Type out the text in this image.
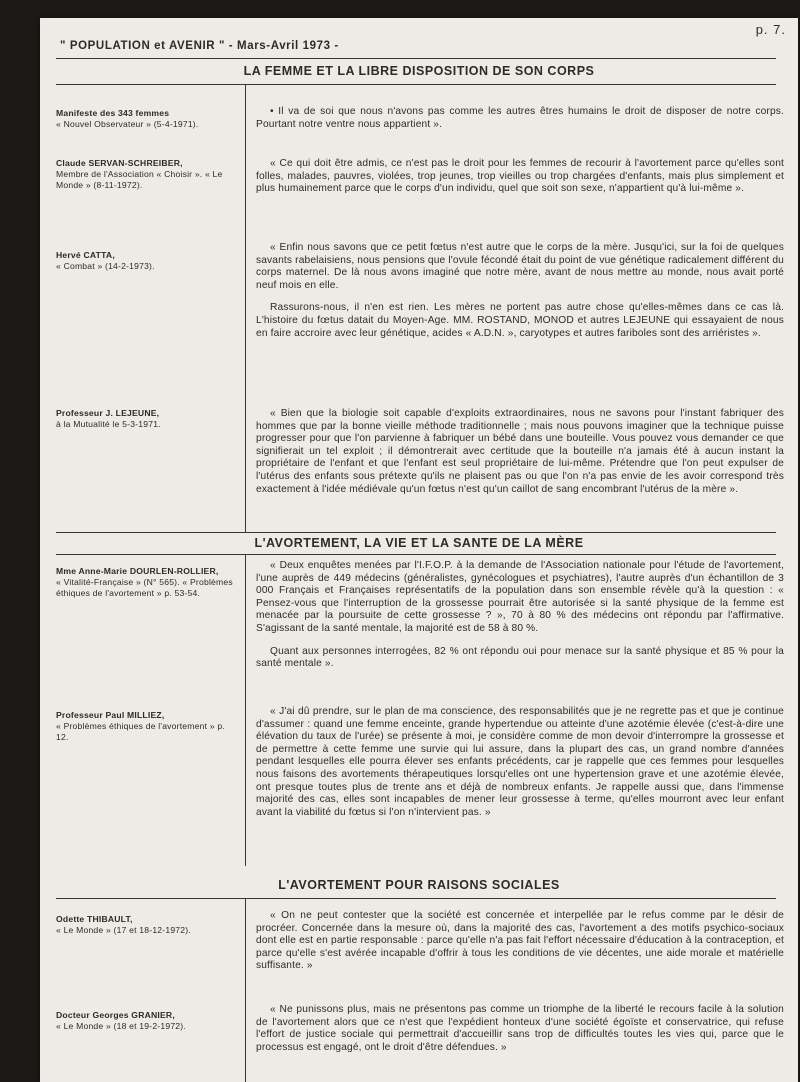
" POPULATION et AVENIR " - Mars-Avril 1973 -
p. 7.
LA FEMME ET LA LIBRE DISPOSITION DE SON CORPS
Manifeste des 343 femmes
« Nouvel Observateur » (5-4-1971).

• Il va de soi que nous n'avons pas comme les autres êtres humains le droit de disposer de notre corps. Pourtant notre ventre nous appartient ».

Claude SERVAN-SCHREIBER,
Membre de l'Association « Choisir ». « Le Monde » (8-11-1972).

« Ce qui doit être admis, ce n'est pas le droit pour les femmes de recourir à l'avortement parce qu'elles sont folles, malades, pauvres, violées, trop jeunes, trop vieilles ou trop chargées d'enfants, mais plus simplement et plus humainement parce que le corps d'un individu, quel que soit son sexe, n'appartient qu'à lui-même ».

Hervé CATTA,
« Combat » (14-2-1973).

« Enfin nous savons que ce petit fœtus n'est autre que le corps de la mère. Jusqu'ici, sur la foi de quelques savants rabelaisiens, nous pensions que l'ovule fécondé était du point de vue génétique radicalement différent du corps maternel. De là nous avons imaginé que notre mère, avant de nous mettre au monde, nous avait porté neuf mois en elle.

Rassurons-nous, il n'en est rien. Les mères ne portent pas autre chose qu'elles-mêmes dans ce cas là. L'histoire du fœtus datait du Moyen-Age. MM. ROSTAND, MONOD et autres LEJEUNE qui essayaient de nous en faire accroire avec leur génétique, acides « A.D.N. », caryotypes et autres fariboles sont des arriéristes ».

Professeur J. LEJEUNE,
à la Mutualité le 5-3-1971.

« Bien que la biologie soit capable d'exploits extraordinaires, nous ne savons pour l'instant fabriquer des hommes que par la bonne vieille méthode traditionnelle ; mais nous pouvons imaginer que la technique puisse progresser pour que l'on parvienne à fabriquer un bébé dans une bouteille. Vous pouvez vous demander ce que signifierait un tel exploit ; il démontrerait avec certitude que la bouteille n'a jamais été à aucun instant la propriétaire de l'enfant et que l'enfant est seul propriétaire de lui-même. Prétendre que l'on peut expulser de l'utérus des enfants sous prétexte qu'ils ne plaisent pas ou que l'on n'a pas envie de les avoir correspond très exactement à l'idée médiévale qu'un fœtus n'est qu'un caillot de sang encombrant l'utérus de la mère ».

L'AVORTEMENT, LA VIE ET LA SANTE DE LA MÈRE
Mme Anne-Marie DOURLEN-ROLLIER,
« Vitalité-Française » (N° 565). « Problèmes éthiques de l'avortement » p. 53-54.

« Deux enquêtes menées par l'I.F.O.P. à la demande de l'Association nationale pour l'étude de l'avortement, l'une auprès de 449 médecins (généralistes, gynécologues et psychiatres), l'autre auprès d'un échantillon de 3 000 Français et Françaises représentatifs de la population dans son ensemble révèle qu'à la question : « Pensez-vous que l'interruption de la grossesse pourrait être autorisée si la santé physique de la femme est menacée par la poursuite de cette grossesse ? », 70 à 80 % des médecins ont répondu par l'affirmative. S'agissant de la santé mentale, la majorité est de 58 à 80 %.

Quant aux personnes interrogées, 82 % ont répondu oui pour menace sur la santé physique et 85 % pour la santé mentale ».

Professeur Paul MILLIEZ,
« Problèmes éthiques de l'avortement » p. 12.

« J'ai dû prendre, sur le plan de ma conscience, des responsabilités que je ne regrette pas et que je continue d'assumer : quand une femme enceinte, grande hypertendue ou atteinte d'une azotémie élevée (c'est-à-dire une élévation du taux de l'urée) se présente à moi, je considère comme de mon devoir d'interrompre la grossesse et de permettre à cette femme une survie qui lui assure, dans la plupart des cas, un grand nombre d'années pendant lesquelles elle pourra élever ses enfants précédents, car je rappelle que ces femmes pour lesquelles nous faisons des avortements thérapeutiques lorsqu'elles ont une hypertension grave et une azotémie élevée, ont presque toutes plus de trente ans et déjà de nombreux enfants. Je rappelle aussi que, dans l'immense majorité des cas, elles sont incapables de mener leur grossesse à terme, qu'elles mourront avec leur enfant avant la viabilité du fœtus si l'on n'intervient pas. »

L'AVORTEMENT POUR RAISONS SOCIALES
Odette THIBAULT,
« Le Monde » (17 et 18-12-1972).

« On ne peut contester que la société est concernée et interpellée par le refus comme par le désir de procréer. Concernée dans la mesure où, dans la majorité des cas, l'avortement a des motifs psychico-sociaux dont elle est en partie responsable : parce qu'elle n'a pas fait l'effort nécessaire d'éducation à la contraception, et parce qu'elle s'est avérée incapable d'offrir à tous les conditions de vie décentes, une aide morale et matérielle suffisante. »

Docteur Georges GRANIER,
« Le Monde » (18 et 19-2-1972).

« Ne punissons plus, mais ne présentons pas comme un triomphe de la liberté le recours facile à la solution de l'avortement alors que ce n'est que l'expédient honteux d'une société égoïste et conservatrice, qui refuse l'effort de justice sociale qui permettrait d'accueillir sans trop de difficultés toutes les vies qui, parce que le processus est engagé, ont le droit d'être défendues. »
